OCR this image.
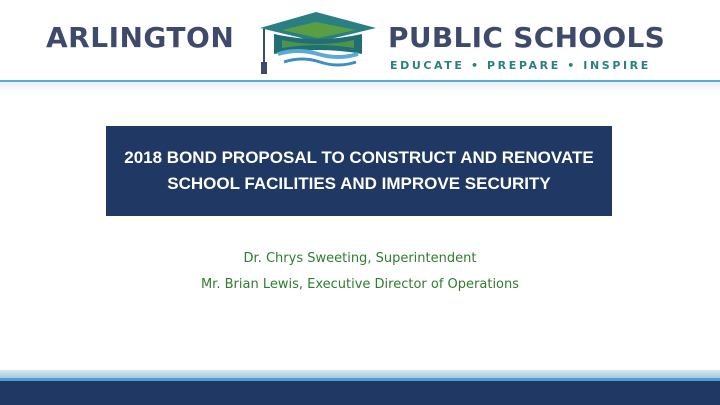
ARLINGTON	PUBLIC SCHOOLS
EDUCATE • PREPARE • INSPIRE
2018 BOND PROPOSAL TO CONSTRUCT AND RENOVATE SCHOOL FACILITIES AND IMPROVE SECURITY
Dr. Chrys Sweeting, Superintendent
Mr. Brian Lewis, Executive Director of Operations
